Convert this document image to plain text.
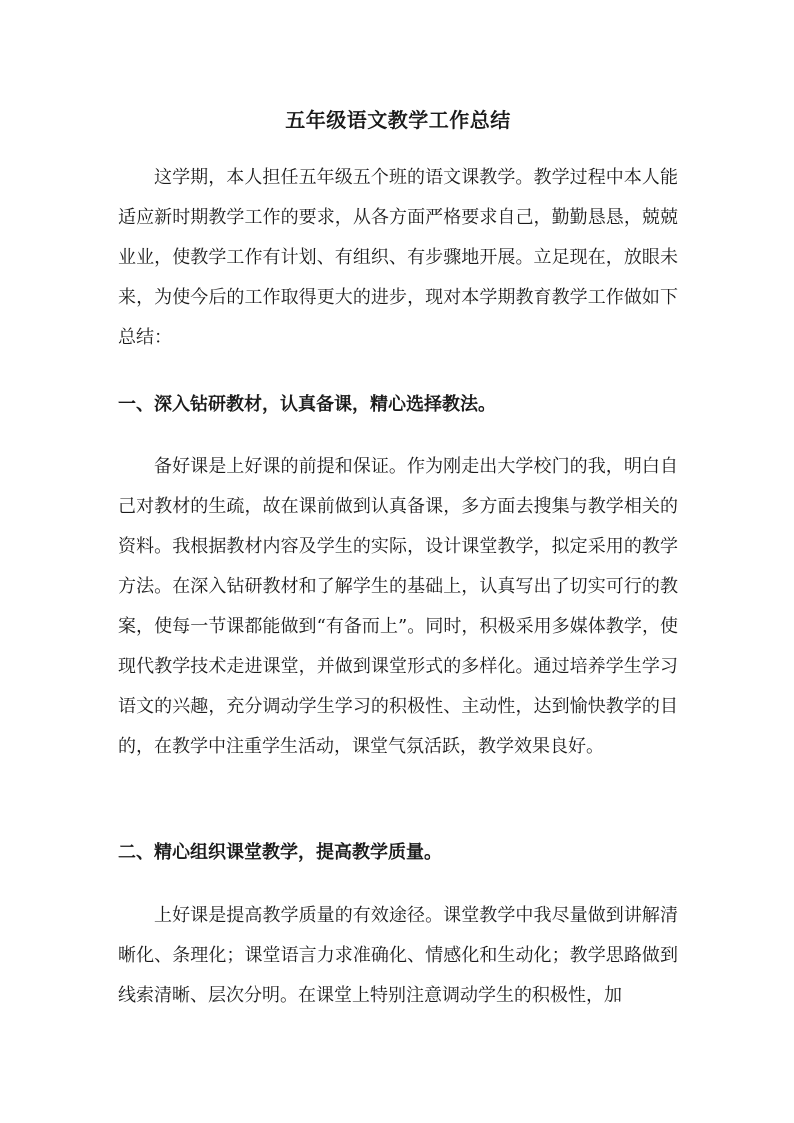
五年级语文教学工作总结

这学期，本人担任五年级五个班的语文课教学。教学过程中本人能适应新时期教学工作的要求，从各方面严格要求自己，勤勤恳恳，兢兢业业，使教学工作有计划、有组织、有步骤地开展。立足现在，放眼未来，为使今后的工作取得更大的进步，现对本学期教育教学工作做如下总结：

一、深入钻研教材，认真备课，精心选择教法。

备好课是上好课的前提和保证。作为刚走出大学校门的我，明白自己对教材的生疏，故在课前做到认真备课，多方面去搜集与教学相关的资料。我根据教材内容及学生的实际，设计课堂教学，拟定采用的教学方法。在深入钻研教材和了解学生的基础上，认真写出了切实可行的教案，使每一节课都能做到“有备而上”。同时，积极采用多媒体教学，使现代教学技术走进课堂，并做到课堂形式的多样化。通过培养学生学习语文的兴趣，充分调动学生学习的积极性、主动性，达到愉快教学的目的，在教学中注重学生活动，课堂气氛活跃，教学效果良好。

二、精心组织课堂教学，提高教学质量。

上好课是提高教学质量的有效途径。课堂教学中我尽量做到讲解清晰化、条理化；课堂语言力求准确化、情感化和生动化；教学思路做到线索清晰、层次分明。在课堂上特别注意调动学生的积极性，加
